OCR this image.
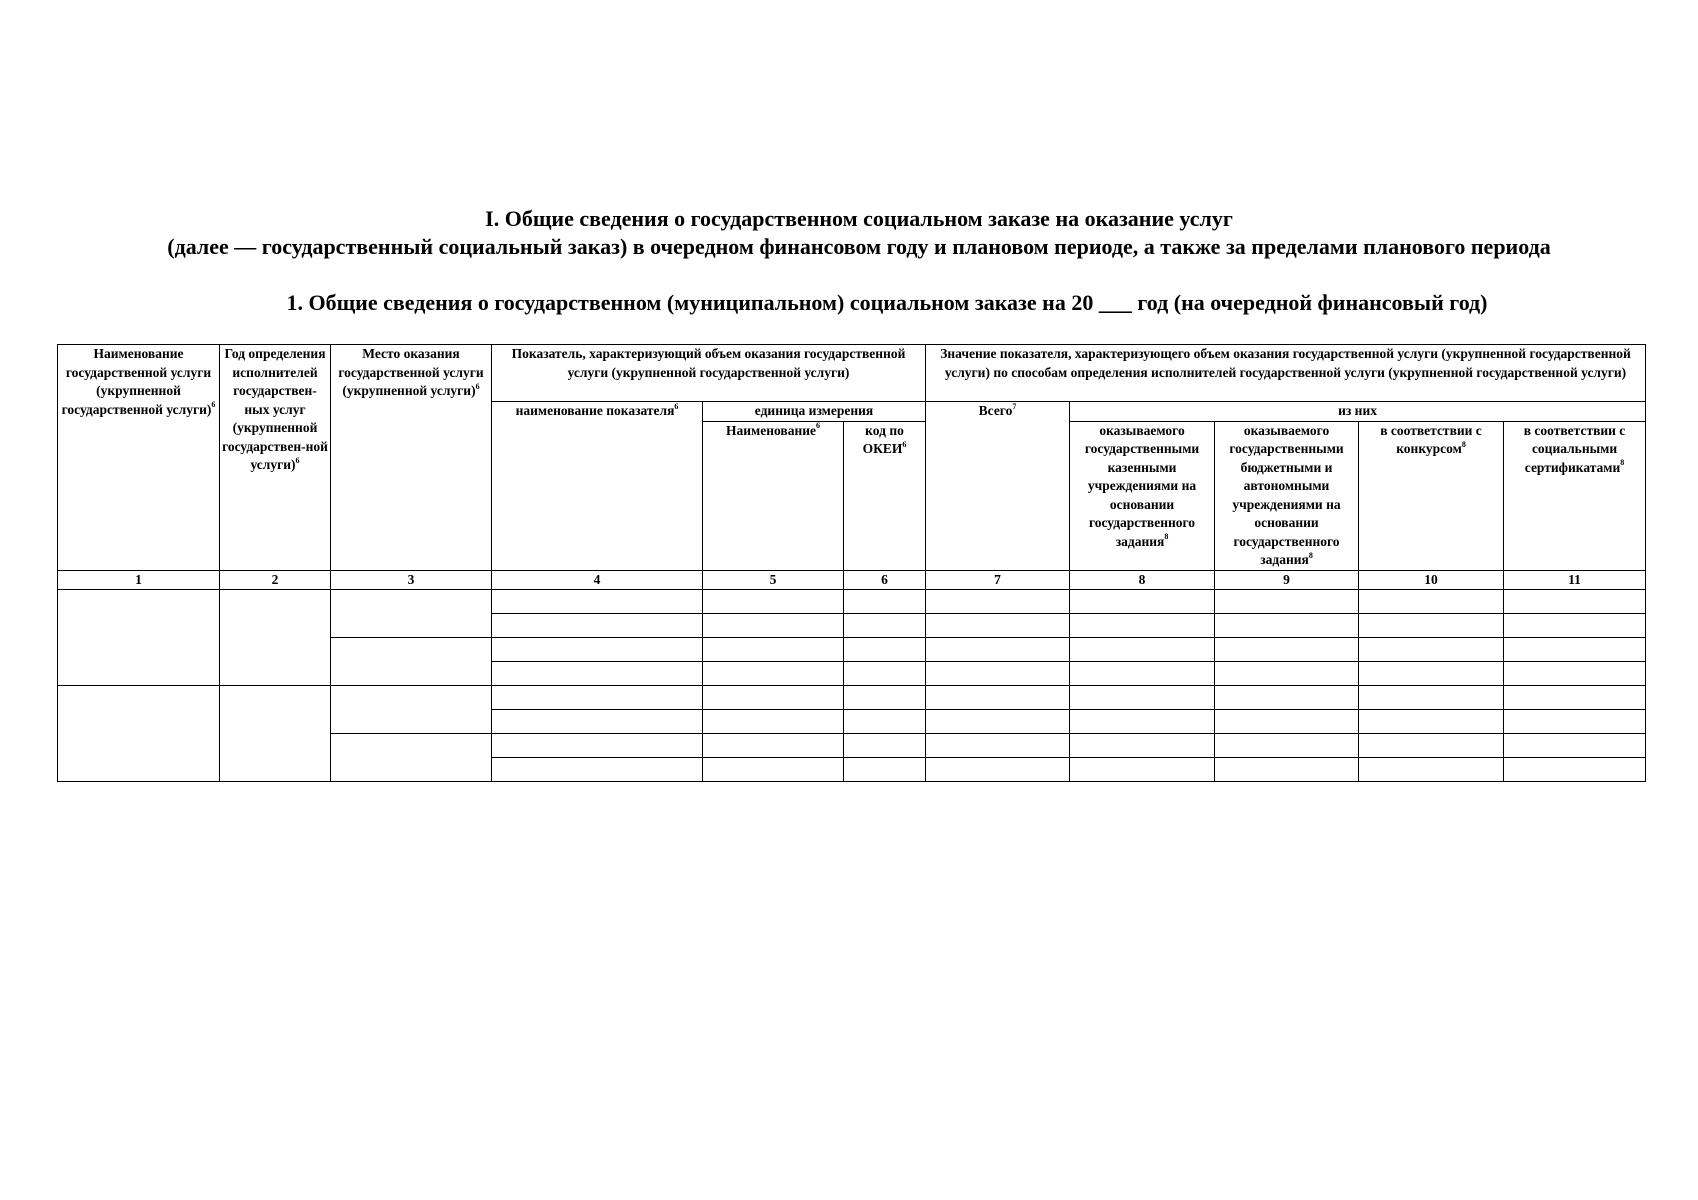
I. Общие сведения о государственном социальном заказе на оказание услуг
(далее — государственный социальный заказ) в очередном финансовом году и плановом периоде, а также за пределами планового периода
1. Общие сведения о государственном (муниципальном) социальном заказе на 20 ___ год (на очередной финансовый год)
Наименование государственной услуги (укрупненной государственной услуги)$^6$	Год определения исполнителей государствен-ных услуг (укрупненной государствен-ной услуги)$^6$	Место оказания государственной услуги (укрупненной услуги)$^6$	Показатель, характеризующий объем оказания государственной услуги (укрупненной государственной услуги)			Значение показателя, характеризующего объем оказания государственной услуги (укрупненной государственной услуги) по способам определения исполнителей государственной услуги (укрупненной государственной услуги)				
			наименование показателя$^6$	единица измерения		Всего$^7$	из них			
				Наименование$^6$	код по ОКЕИ$^6$		оказываемого государственными казенными учреждениями на основании государственного задания$^8$	оказываемого государственными бюджетными и автономными учреждениями на основании государственного задания$^8$	в соответствии с конкурсом$^8$	в соответствии с социальными сертификатами$^8$
1	2	3	4	5	6	7	8	9	10	11
